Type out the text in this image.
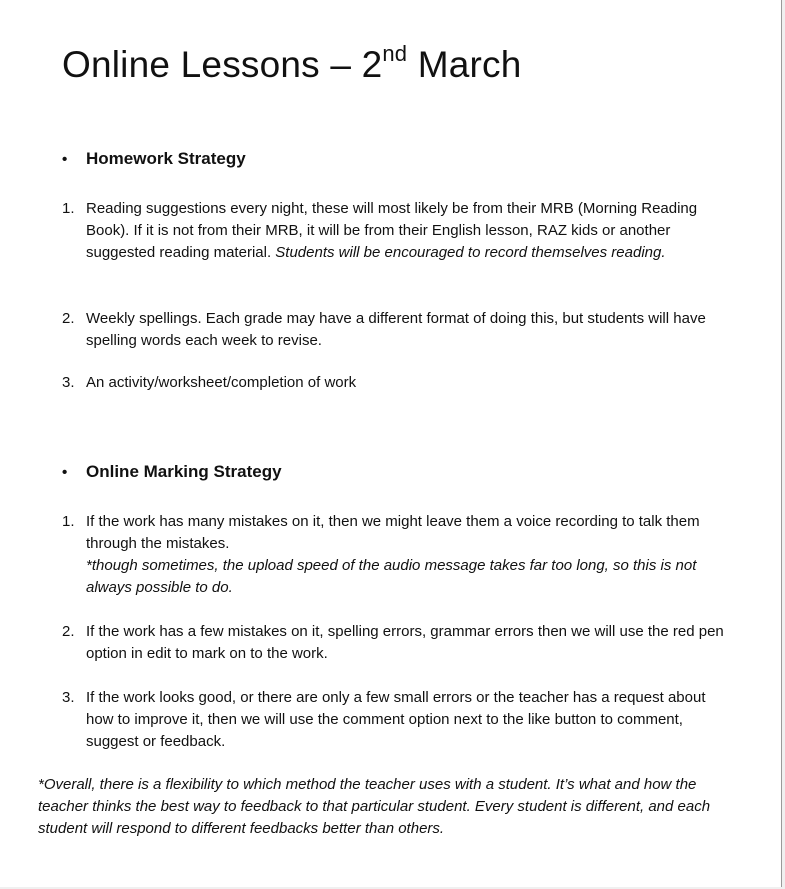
Online Lessons – 2nd March
• Homework Strategy
1. Reading suggestions every night, these will most likely be from their MRB (Morning Reading Book). If it is not from their MRB, it will be from their English lesson, RAZ kids or another suggested reading material. Students will be encouraged to record themselves reading.
2. Weekly spellings. Each grade may have a different format of doing this, but students will have spelling words each week to revise.
3. An activity/worksheet/completion of work
• Online Marking Strategy
1. If the work has many mistakes on it, then we might leave them a voice recording to talk them through the mistakes.
*though sometimes, the upload speed of the audio message takes far too long, so this is not always possible to do.
2. If the work has a few mistakes on it, spelling errors, grammar errors then we will use the red pen option in edit to mark on to the work.
3. If the work looks good, or there are only a few small errors or the teacher has a request about how to improve it, then we will use the comment option next to the like button to comment, suggest or feedback.
*Overall, there is a flexibility to which method the teacher uses with a student. It’s what and how the teacher thinks the best way to feedback to that particular student. Every student is different, and each student will respond to different feedbacks better than others.
